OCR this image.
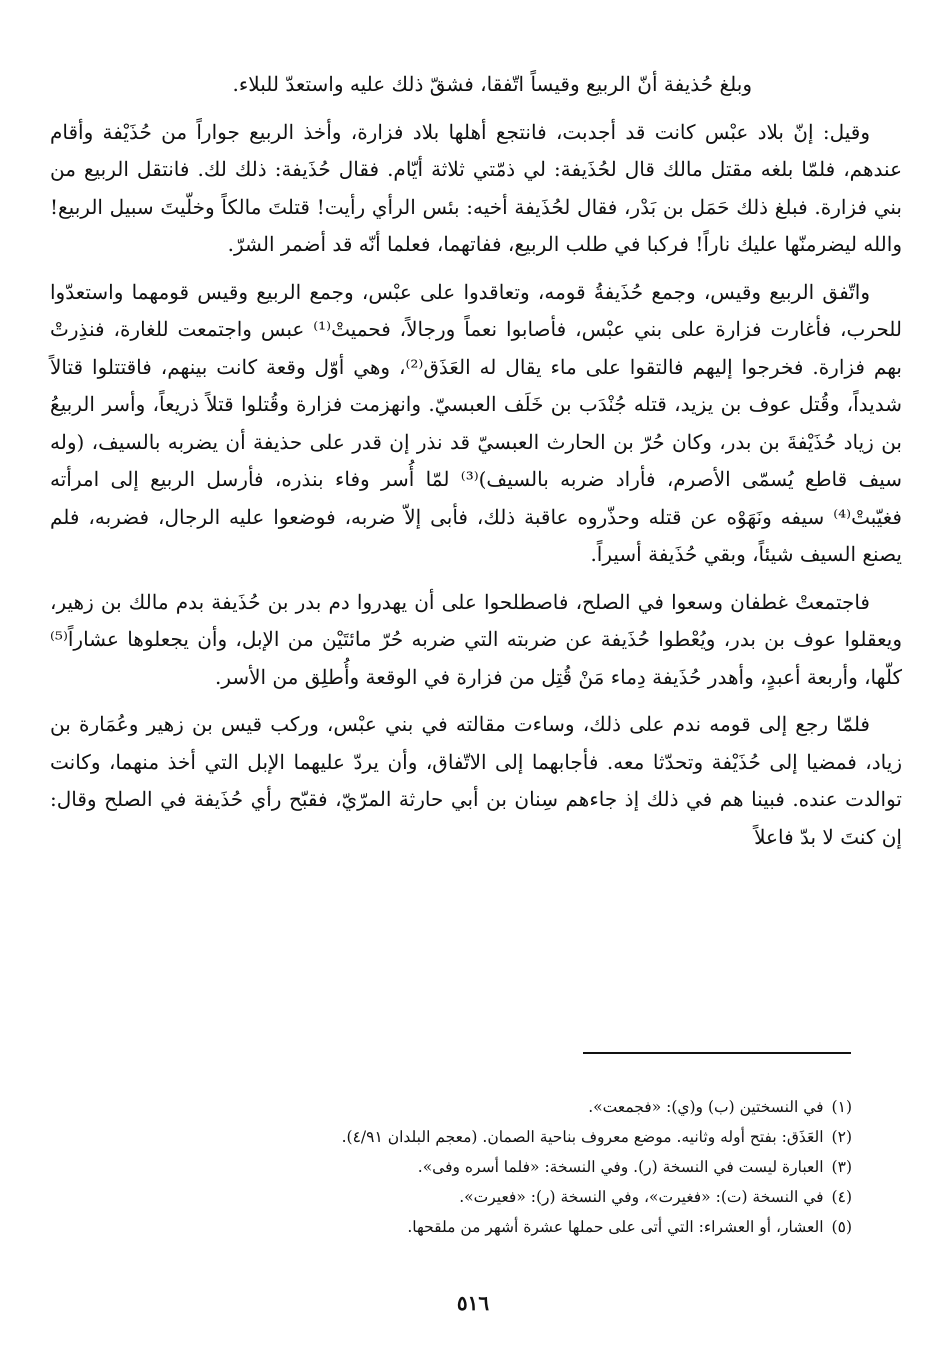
وبلغ حُذيفة أنّ الربيع وقيساً اتّفقا، فشقّ ذلك عليه واستعدّ للبلاء.

وقيل: إنّ بلاد عبْس كانت قد أجدبت، فانتجع أهلها بلاد فزارة، وأخذ الربيع جواراً من حُذَيْفة وأقام عندهم، فلمّا بلغه مقتل مالك قال لحُذَيفة: لي ذمّتي ثلاثة أيّام. فقال حُذَيفة: ذلك لك. فانتقل الربيع من بني فزارة. فبلغ ذلك حَمَل بن بَدْر، فقال لحُذَيفة أخيه: بئس الرأي رأيت! قتلتَ مالكاً وخلّيتَ سبيل الربيع! والله ليضرمنّها عليك ناراً! فركبا في طلب الربيع، ففاتهما، فعلما أنّه قد أضمر الشرّ.

واتّفق الربيع وقيس، وجمع حُذَيفةُ قومه، وتعاقدوا على عبْس، وجمع الربيع وقيس قومهما واستعدّوا للحرب، فأغارت فزارة على بني عبْس، فأصابوا نعماً ورجالاً، فحميتْ⁽¹⁾ عبس واجتمعت للغارة، فنذِرتْ بهم فزارة. فخرجوا إليهم فالتقوا على ماء يقال له العَذَق⁽²⁾، وهي أوّل وقعة كانت بينهم، فاقتتلوا قتالاً شديداً، وقُتل عوف بن يزيد، قتله جُنْدَب بن خَلَف العبسيّ. وانهزمت فزارة وقُتلوا قتلاً ذريعاً، وأسر الربيعُ بن زياد حُذَيْفةَ بن بدر، وكان حُرّ بن الحارث العبسيّ قد نذر إن قدر على حذيفة أن يضربه بالسيف، (وله سيف قاطع يُسمّى الأصرم، فأراد ضربه بالسيف)⁽³⁾ لمّا أُسر وفاء بنذره، فأرسل الربيع إلى امرأته فغيّبتْ⁽⁴⁾ سيفه ونَهَوْه عن قتله وحذّروه عاقبة ذلك، فأبى إلاّ ضربه، فوضعوا عليه الرجال، فضربه، فلم يصنع السيف شيئاً، وبقي حُذَيفة أسيراً.

فاجتمعتْ غطفان وسعوا في الصلح، فاصطلحوا على أن يهدروا دم بدر بن حُذَيفة بدم مالك بن زهير، ويعقلوا عوف بن بدر، ويُعْطوا حُذَيفة عن ضربته التي ضربه حُرّ مائتَيْن من الإبل، وأن يجعلوها عشاراً⁽⁵⁾ كلّها، وأربعة أعبدٍ، وأهدر حُذَيفة دِماء مَنْ قُتِل من فزارة في الوقعة وأُطلِق من الأسر.

فلمّا رجع إلى قومه ندم على ذلك، وساءت مقالته في بني عبْس، وركب قيس بن زهير وعُمَارة بن زياد، فمضيا إلى حُذَيْفة وتحدّثا معه. فأجابهما إلى الاتّفاق، وأن يردّ عليهما الإبل التي أخذ منهما، وكانت توالدت عنده. فبينا هم في ذلك إذ جاءهم سِنان بن أبي حارثة المرّيّ، فقبّح رأي حُذَيفة في الصلح وقال: إن كنتَ لا بدّ فاعلاً

(١)في النسختين (ب) و(ي): «فجمعت».
(٢)العَذَق: بفتح أوله وثانيه. موضع معروف بناحية الصمان. (معجم البلدان ٤/٩١).
(٣)العبارة ليست في النسخة (ر). وفي النسخة: «فلما أسره وفى».
(٤)في النسخة (ت): «فغيرت»، وفي النسخة (ر): «فعيرت».
(٥)العشار، أو العشراء: التي أتى على حملها عشرة أشهر من ملقحها.
٥١٦
